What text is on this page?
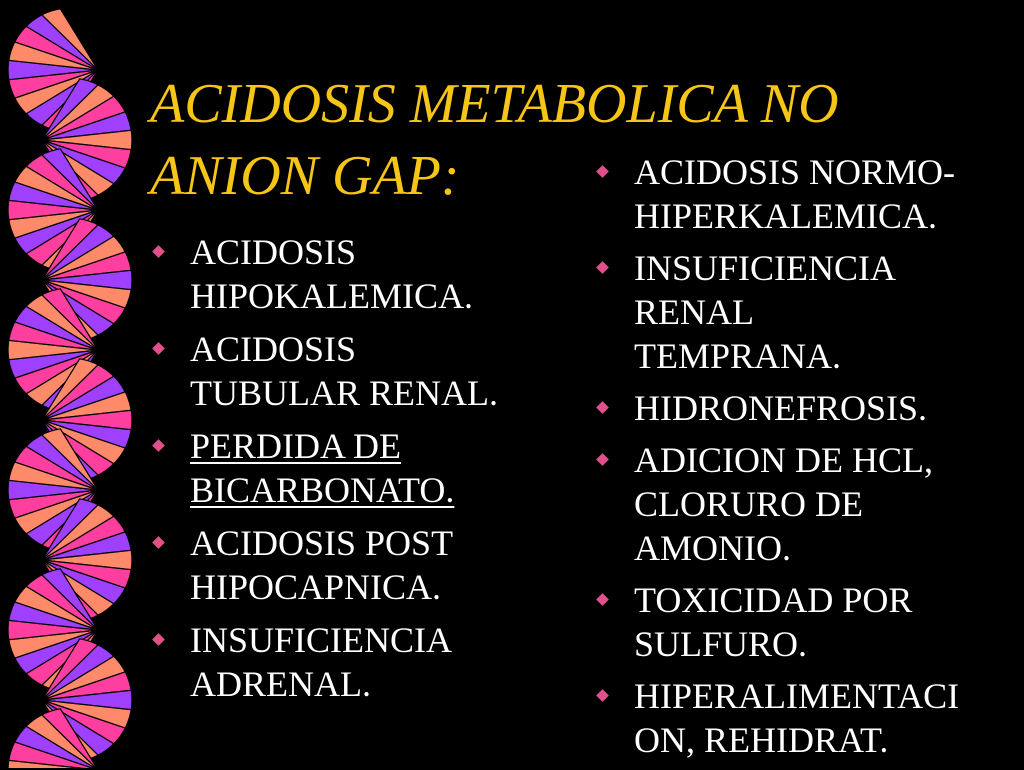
ACIDOSIS METABOLICA NO
ANION GAP:
ACIDOSIS
HIPOKALEMICA.
ACIDOSIS
TUBULAR RENAL.
PERDIDA DE
BICARBONATO.
ACIDOSIS POST
HIPOCAPNICA.
INSUFICIENCIA
ADRENAL.
ACIDOSIS NORMO-
HIPERKALEMICA.
INSUFICIENCIA
RENAL
TEMPRANA.
HIDRONEFROSIS.
ADICION DE HCL,
CLORURO DE
AMONIO.
TOXICIDAD POR
SULFURO.
HIPERALIMENTACI
ON, REHIDRAT.
